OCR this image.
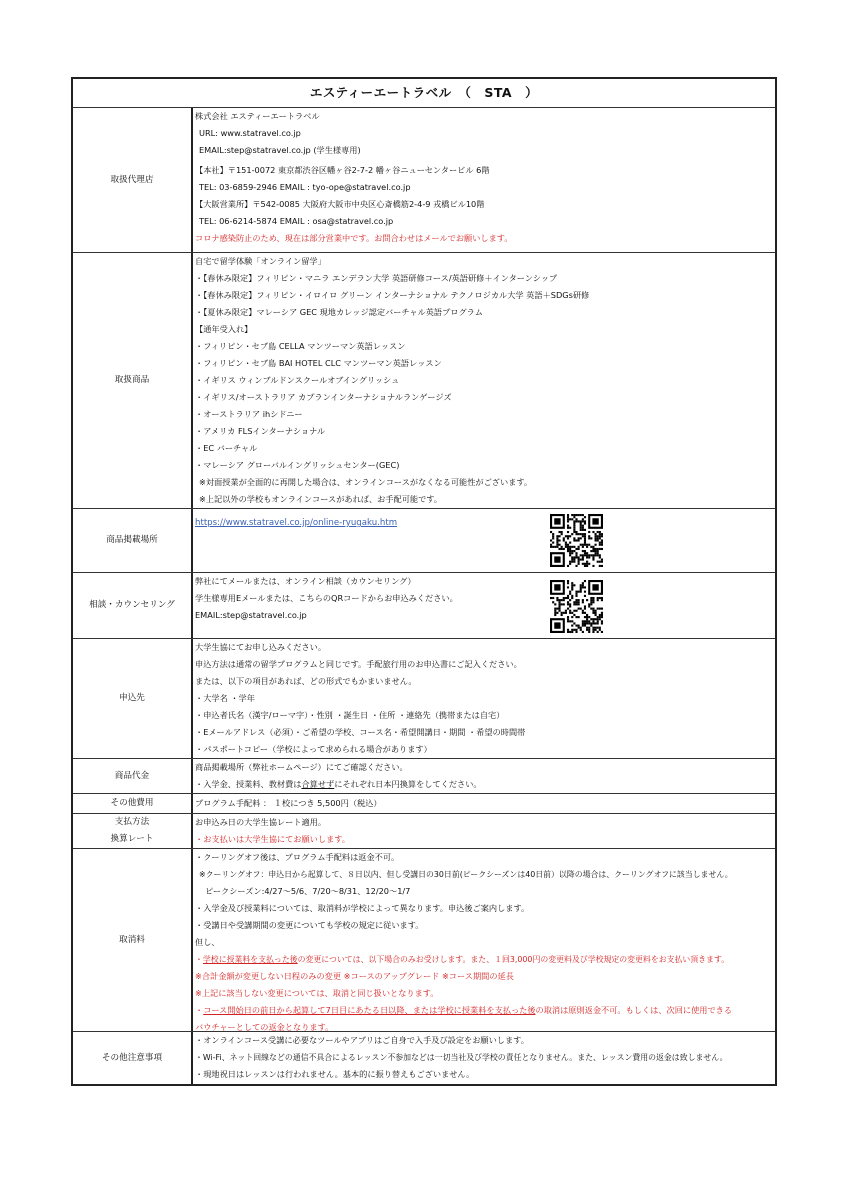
エスティーエートラベル　（　STA　）
取扱代理店
株式会社 エスティーエートラベル
URL: www.statravel.co.jp
EMAIL:step@statravel.co.jp (学生様専用)
【本社】〒151-0072 東京都渋谷区幡ヶ谷2-7-2 幡ヶ谷ニューセンタービル 6階
TEL: 03-6859-2946 EMAIL : tyo-ope@statravel.co.jp
【大阪営業所】〒542-0085 大阪府大阪市中央区心斎橋筋2-4-9 戎橋ビル10階
TEL: 06-6214-5874 EMAIL : osa@statravel.co.jp
コロナ感染防止のため、現在は部分営業中です。お問合わせはメールでお願いします。
取扱商品
自宅で留学体験「オンライン留学」
・【春休み限定】フィリピン・マニラ エンデラン大学 英語研修コース/英語研修＋インターンシップ
・【春休み限定】フィリピン・イロイロ グリーン インターナショナル テクノロジカル大学 英語＋SDGs研修
・【夏休み限定】マレーシア GEC 現地カレッジ認定バーチャル英語プログラム
【通年受入れ】
・フィリピン・セブ島 CELLA マンツーマン英語レッスン
・フィリピン・セブ島 BAI HOTEL CLC マンツーマン英語レッスン
・イギリス ウィンブルドンスクールオブイングリッシュ
・イギリス/オーストラリア カプランインターナショナルランゲージズ
・オーストラリア ihシドニー
・アメリカ FLSインターナショナル
・EC バーチャル
・マレーシア グローバルイングリッシュセンター(GEC)
※対面授業が全面的に再開した場合は、オンラインコースがなくなる可能性がございます。
※上記以外の学校もオンラインコースがあれば、お手配可能です。
商品掲載場所
https://www.statravel.co.jp/online-ryugaku.htm
相談・カウンセリング
弊社にてメールまたは、オンライン相談（カウンセリング）
学生様専用Eメールまたは、こちらのQRコードからお申込みください。
EMAIL:step@statravel.co.jp
申込先
大学生協にてお申し込みください。
申込方法は通常の留学プログラムと同じです。手配旅行用のお申込書にご記入ください。
または、以下の項目があれば、どの形式でもかまいません。
・大学名 ・学年
・申込者氏名（漢字/ローマ字）・性別 ・誕生日 ・住所 ・連絡先（携帯または自宅）
・Eメールアドレス（必須）・ご希望の学校、コース名・希望開講日・期間 ・希望の時間帯
・パスポートコピー（学校によって求められる場合があります）
商品代金
商品掲載場所（弊社ホームページ）にてご確認ください。
・入学金、授業料、教材費は合算せずにそれぞれ日本円換算をしてください。
その他費用	プログラム手配料 ： １校につき 5,500円（税込）
支払方法
換算レート
お申込み日の大学生協レート適用。
・お支払いは大学生協にてお願いします。
取消料
・クーリングオフ後は、プログラム手配料は返金不可。
※クーリングオフ：申込日から起算して、８日以内、但し受講日の30日前(ピークシーズンは40日前）以降の場合は、クーリングオフに該当しません。
ピークシーズン:4/27～5/6、7/20～8/31、12/20～1/7
・入学金及び授業料については、取消料が学校によって異なります。申込後ご案内します。
・受講日や受講期間の変更についても学校の規定に従います。
但し、
・学校に授業料を支払った後の変更については、以下場合のみお受けします。また、１回3,000円の変更料及び学校規定の変更料をお支払い頂きます。
※合計金額が変更しない日程のみの変更 ※コースのアップグレード ※コース期間の延長
※上記に該当しない変更については、取消と同じ扱いとなります。
・コース開始日の前日から起算して7日目にあたる日以降、または学校に授業料を支払った後の取消は原則返金不可。もしくは、次回に使用できる
バウチャーとしての返金となります。
その他注意事項
・オンラインコース受講に必要なツールやアプリはご自身で入手及び設定をお願いします。
・Wi-Fi、ネット回線などの通信不具合によるレッスン不参加などは一切当社及び学校の責任となりません。また、レッスン費用の返金は致しません。
・現地祝日はレッスンは行われません。基本的に振り替えもございません。
